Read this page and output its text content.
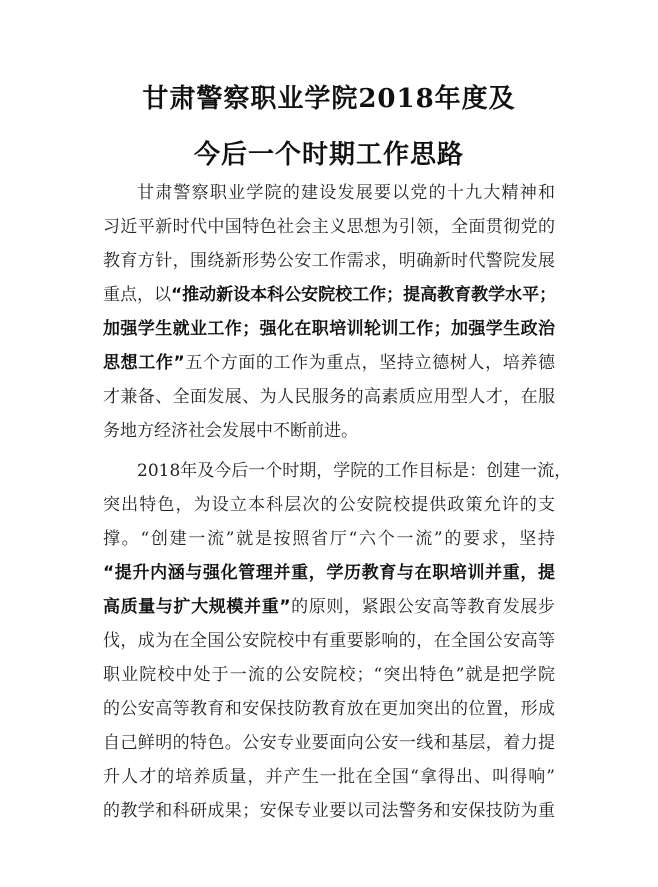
甘肃警察职业学院2018年度及
今后一个时期工作思路
甘肃警察职业学院的建设发展要以党的十九大精神和
习近平新时代中国特色社会主义思想为引领，全面贯彻党的
教育方针，围绕新形势公安工作需求，明确新时代警院发展
重点，以“推动新设本科公安院校工作；提高教育教学水平；
加强学生就业工作；强化在职培训轮训工作；加强学生政治
思想工作”五个方面的工作为重点，坚持立德树人，培养德
才兼备、全面发展、为人民服务的高素质应用型人才，在服
务地方经济社会发展中不断前进。
2018年及今后一个时期，学院的工作目标是：创建一流，
突出特色，为设立本科层次的公安院校提供政策允许的支
撑。“创建一流”就是按照省厅“六个一流”的要求，坚持
“提升内涵与强化管理并重，学历教育与在职培训并重，提
高质量与扩大规模并重”的原则，紧跟公安高等教育发展步
伐，成为在全国公安院校中有重要影响的，在全国公安高等
职业院校中处于一流的公安院校；“突出特色”就是把学院
的公安高等教育和安保技防教育放在更加突出的位置，形成
自己鲜明的特色。公安专业要面向公安一线和基层，着力提
升人才的培养质量，并产生一批在全国“拿得出、叫得响”
的教学和科研成果；安保专业要以司法警务和安保技防为重
